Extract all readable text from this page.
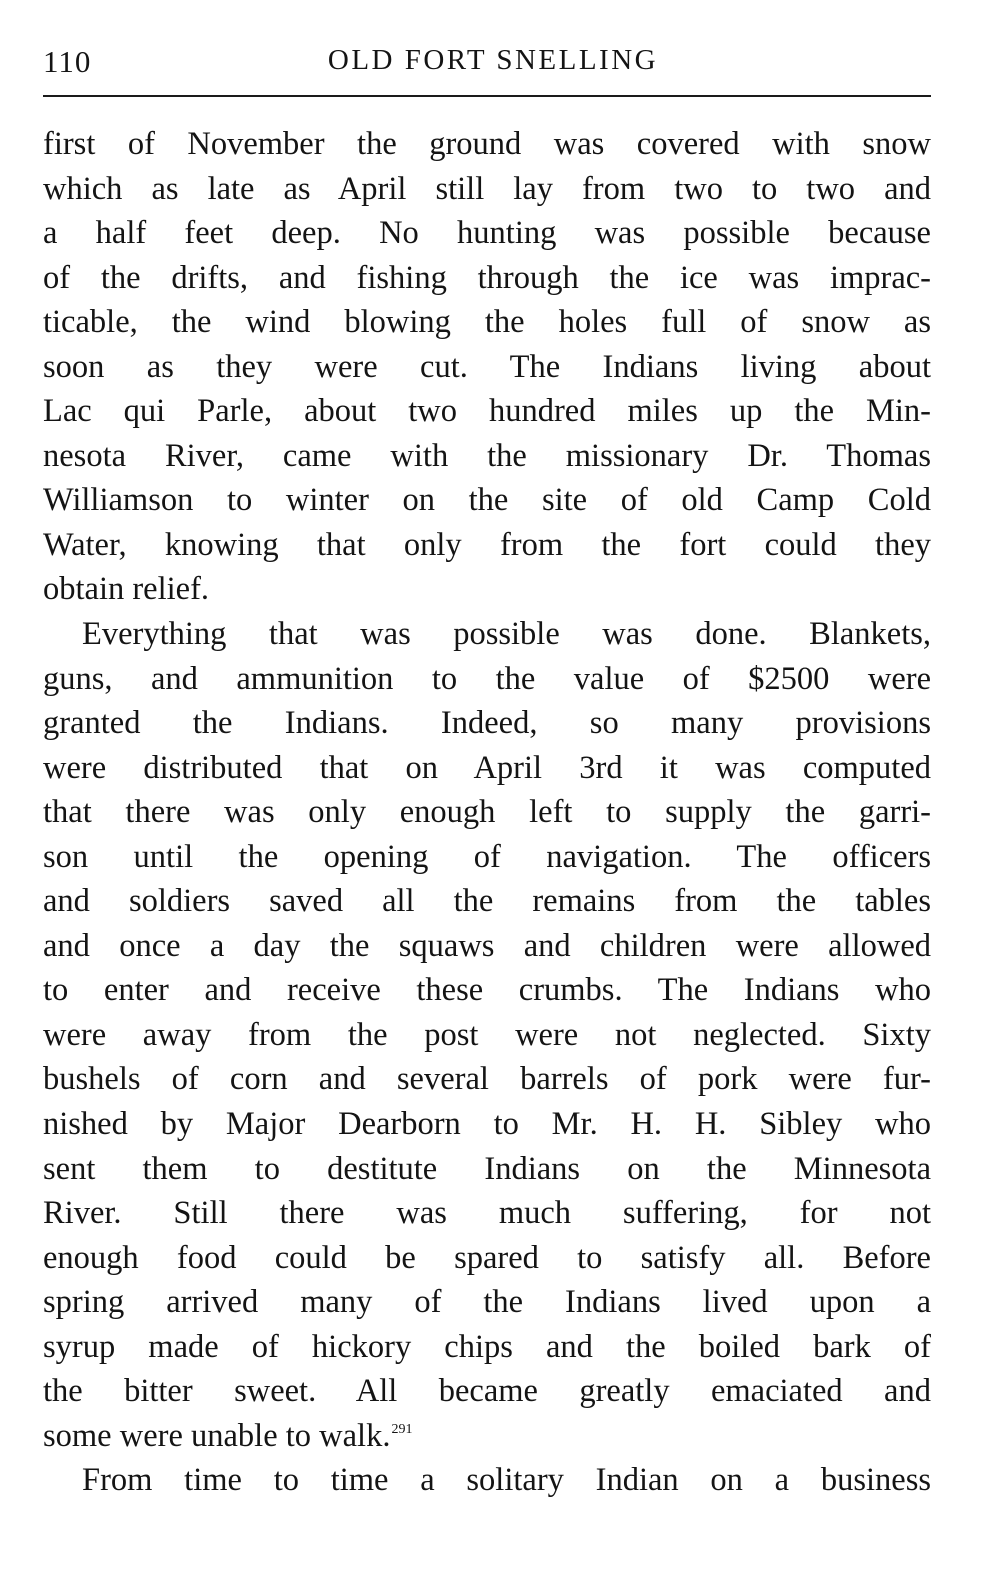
110	OLD FORT SNELLING
first of November the ground was covered with snow
which as late as April still lay from two to two and
a half feet deep. No hunting was possible because
of the drifts, and fishing through the ice was imprac-
ticable, the wind blowing the holes full of snow as
soon as they were cut. The Indians living about
Lac qui Parle, about two hundred miles up the Min-
nesota River, came with the missionary Dr. Thomas
Williamson to winter on the site of old Camp Cold
Water, knowing that only from the fort could they
obtain relief.
Everything that was possible was done. Blankets,
guns, and ammunition to the value of $2500 were
granted the Indians. Indeed, so many provisions
were distributed that on April 3rd it was computed
that there was only enough left to supply the garri-
son until the opening of navigation. The officers
and soldiers saved all the remains from the tables
and once a day the squaws and children were allowed
to enter and receive these crumbs. The Indians who
were away from the post were not neglected. Sixty
bushels of corn and several barrels of pork were fur-
nished by Major Dearborn to Mr. H. H. Sibley who
sent them to destitute Indians on the Minnesota
River. Still there was much suffering, for not
enough food could be spared to satisfy all. Before
spring arrived many of the Indians lived upon a
syrup made of hickory chips and the boiled bark of
the bitter sweet. All became greatly emaciated and
some were unable to walk.$^{291}$
From time to time a solitary Indian on a business
